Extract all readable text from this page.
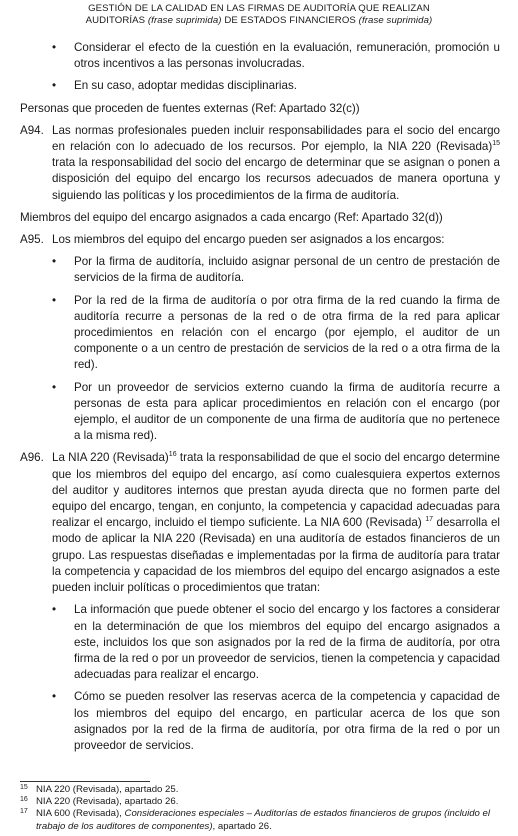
GESTIÓN DE LA CALIDAD EN LAS FIRMAS DE AUDITORÍA QUE REALIZAN
AUDITORÍAS (frase suprimida) DE ESTADOS FINANCIEROS (frase suprimida)
• Considerar el efecto de la cuestión en la evaluación, remuneración, promoción u otros incentivos a las personas involucradas.
• En su caso, adoptar medidas disciplinarias.

Personas que proceden de fuentes externas (Ref: Apartado 32(c))

A94. Las normas profesionales pueden incluir responsabilidades para el socio del encargo en relación con lo adecuado de los recursos. Por ejemplo, la NIA 220 (Revisada)$^{15}$ trata la responsabilidad del socio del encargo de determinar que se asignan o ponen a disposición del equipo del encargo los recursos adecuados de manera oportuna y siguiendo las políticas y los procedimientos de la firma de auditoría.

Miembros del equipo del encargo asignados a cada encargo (Ref: Apartado 32(d))

A95. Los miembros del equipo del encargo pueden ser asignados a los encargos:
• Por la firma de auditoría, incluido asignar personal de un centro de prestación de servicios de la firma de auditoría.
• Por la red de la firma de auditoría o por otra firma de la red cuando la firma de auditoría recurre a personas de la red o de otra firma de la red para aplicar procedimientos en relación con el encargo (por ejemplo, el auditor de un componente o a un centro de prestación de servicios de la red o a otra firma de la red).
• Por un proveedor de servicios externo cuando la firma de auditoría recurre a personas de esta para aplicar procedimientos en relación con el encargo (por ejemplo, el auditor de un componente de una firma de auditoría que no pertenece a la misma red).
A96. La NIA 220 (Revisada)$^{16}$ trata la responsabilidad de que el socio del encargo determine que los miembros del equipo del encargo, así como cualesquiera expertos externos del auditor y auditores internos que prestan ayuda directa que no formen parte del equipo del encargo, tengan, en conjunto, la competencia y capacidad adecuadas para realizar el encargo, incluido el tiempo suficiente. La NIA 600 (Revisada) $^{17}$ desarrolla el modo de aplicar la NIA 220 (Revisada) en una auditoría de estados financieros de un grupo. Las respuestas diseñadas e implementadas por la firma de auditoría para tratar la competencia y capacidad de los miembros del equipo del encargo asignados a este pueden incluir políticas o procedimientos que tratan:
• La información que puede obtener el socio del encargo y los factores a considerar en la determinación de que los miembros del equipo del encargo asignados a este, incluidos los que son asignados por la red de la firma de auditoría, por otra firma de la red o por un proveedor de servicios, tienen la competencia y capacidad adecuadas para realizar el encargo.
• Cómo se pueden resolver las reservas acerca de la competencia y capacidad de los miembros del equipo del encargo, en particular acerca de los que son asignados por la red de la firma de auditoría, por otra firma de la red o por un proveedor de servicios.
15 NIA 220 (Revisada), apartado 25.
16 NIA 220 (Revisada), apartado 26.
17 NIA 600 (Revisada), Consideraciones especiales – Auditorías de estados financieros de grupos (incluido el trabajo de los auditores de componentes), apartado 26.
